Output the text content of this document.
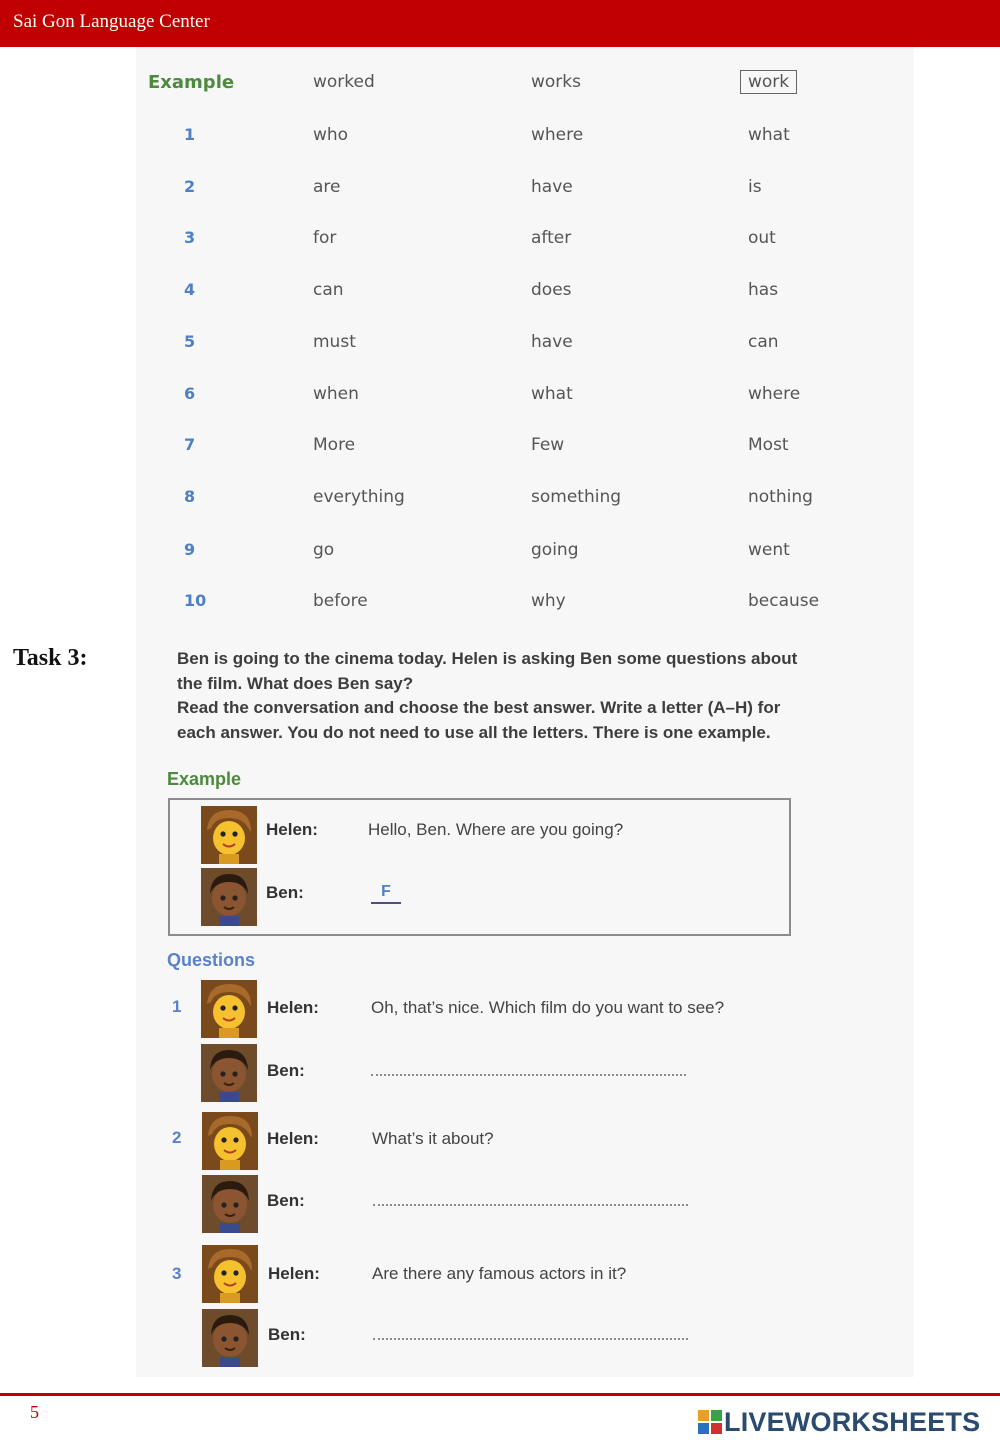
Sai Gon Language Center
Example	worked	works	work
1	who	where	what
2	are	have	is
3	for	after	out
4	can	does	has
5	must	have	can
6	when	what	where
7	More	Few	Most
8	everything	something	nothing
9	go	going	went
10	before	why	because
Task 3:	Ben is going to the cinema today. Helen is asking Ben some questions about
the film. What does Ben say?
Read the conversation and choose the best answer. Write a letter (A–H) for
each answer. You do not need to use all the letters. There is one example.
Example
Helen:	Hello, Ben. Where are you going?
Ben:	F
Questions
1	Helen:	Oh, that’s nice. Which film do you want to see?
Ben:
2	Helen:	What’s it about?
Ben:
3	Helen:	Are there any famous actors in it?
Ben:
5	LIVEWORKSHEETS
